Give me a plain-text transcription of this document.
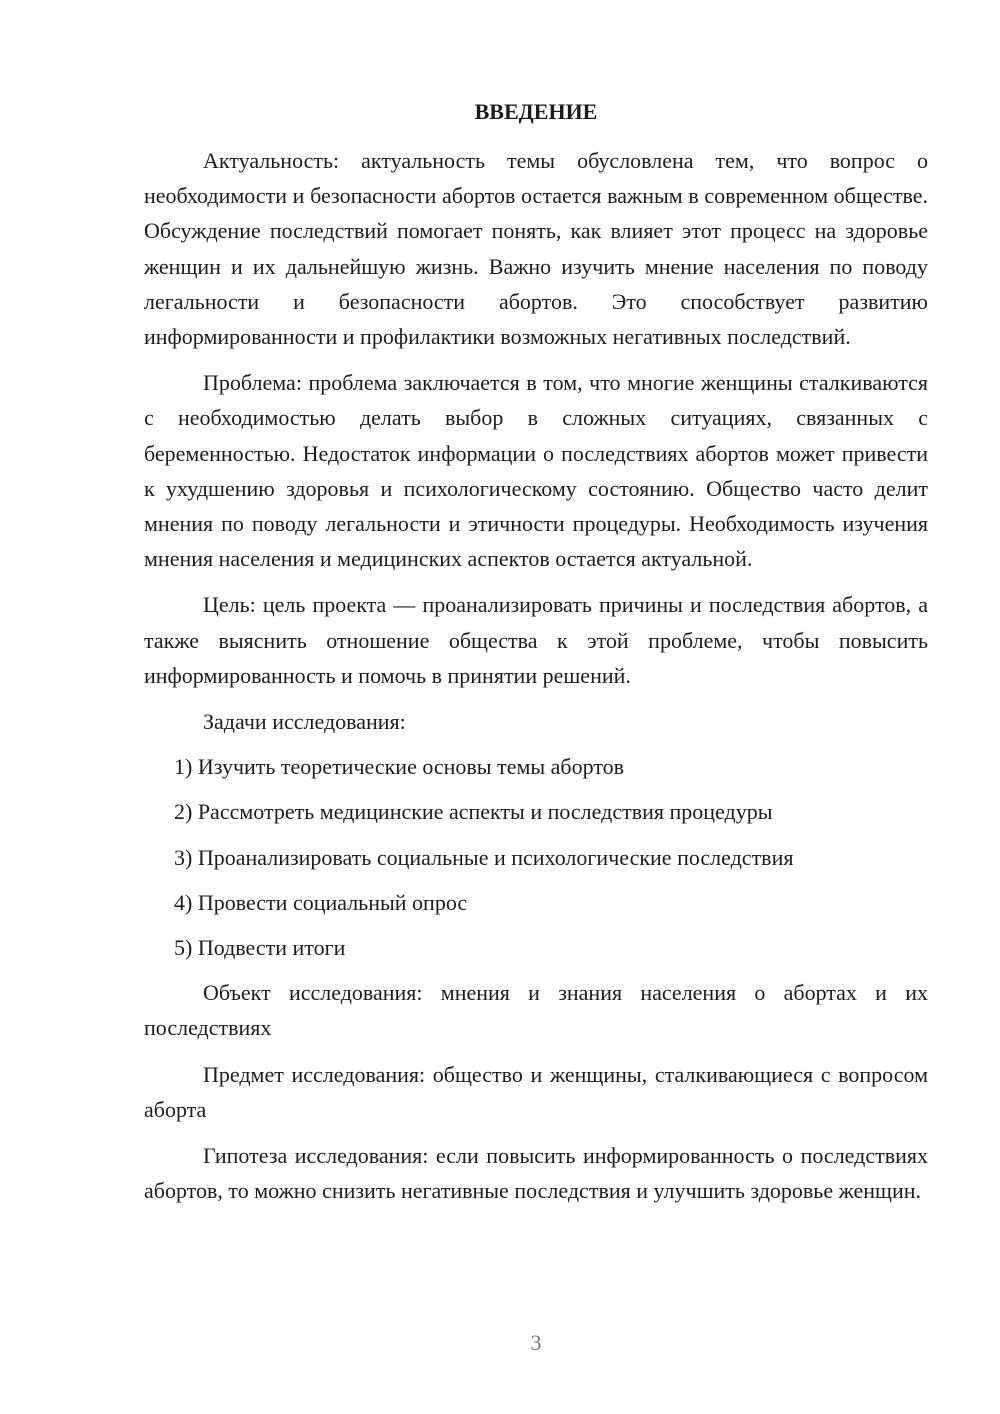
ВВЕДЕНИЕ

Актуальность: актуальность темы обусловлена тем, что вопрос о необходимости и безопасности абортов остается важным в современном обществе. Обсуждение последствий помогает понять, как влияет этот процесс на здоровье женщин и их дальнейшую жизнь. Важно изучить мнение населения по поводу легальности и безопасности абортов. Это способствует развитию информированности и профилактики возможных негативных последствий.

Проблема: проблема заключается в том, что многие женщины сталкиваются с необходимостью делать выбор в сложных ситуациях, связанных с беременностью. Недостаток информации о последствиях абортов может привести к ухудшению здоровья и психологическому состоянию. Общество часто делит мнения по поводу легальности и этичности процедуры. Необходимость изучения мнения населения и медицинских аспектов остается актуальной.

Цель: цель проекта — проанализировать причины и последствия абортов, а также выяснить отношение общества к этой проблеме, чтобы повысить информированность и помочь в принятии решений.

Задачи исследования:

1) Изучить теоретические основы темы абортов
2) Рассмотреть медицинские аспекты и последствия процедуры
3) Проанализировать социальные и психологические последствия
4) Провести социальный опрос
5) Подвести итоги

Объект исследования: мнения и знания населения о абортах и их последствиях

Предмет исследования: общество и женщины, сталкивающиеся с вопросом аборта

Гипотеза исследования: если повысить информированность о последствиях абортов, то можно снизить негативные последствия и улучшить здоровье женщин.

3
